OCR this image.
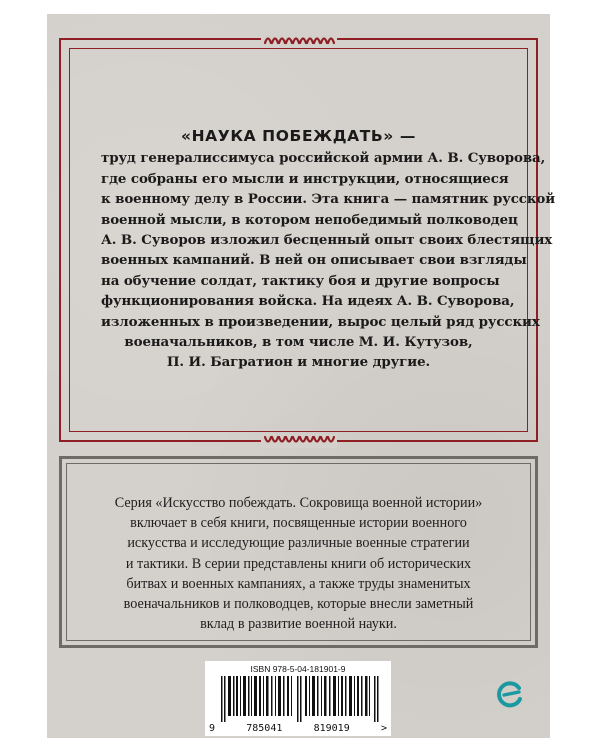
«НАУКА ПОБЕЖДАТЬ» —
труд генералиссимуса российской армии А. В. Суворова,
где собраны его мысли и инструкции, относящиеся
к военному делу в России. Эта книга — памятник русской
военной мысли, в котором непобедимый полководец
А. В. Суворов изложил бесценный опыт своих блестящих
военных кампаний. В ней он описывает свои взгляды
на обучение солдат, тактику боя и другие вопросы
функционирования войска. На идеях А. В. Суворова,
изложенных в произведении, вырос целый ряд русских
военачальников, в том числе М. И. Кутузов,
П. И. Багратион и многие другие.
Серия «Искусство побеждать. Сокровища военной истории»
включает в себя книги, посвященные истории военного
искусства и исследующие различные военные стратегии
и тактики. В серии представлены книги об исторических
битвах и военных кампаниях, а также труды знаменитых
военачальников и полководцев, которые внесли заметный
вклад в развитие военной науки.
ISBN 978-5-04-181901-9
9	785041	819019	>
